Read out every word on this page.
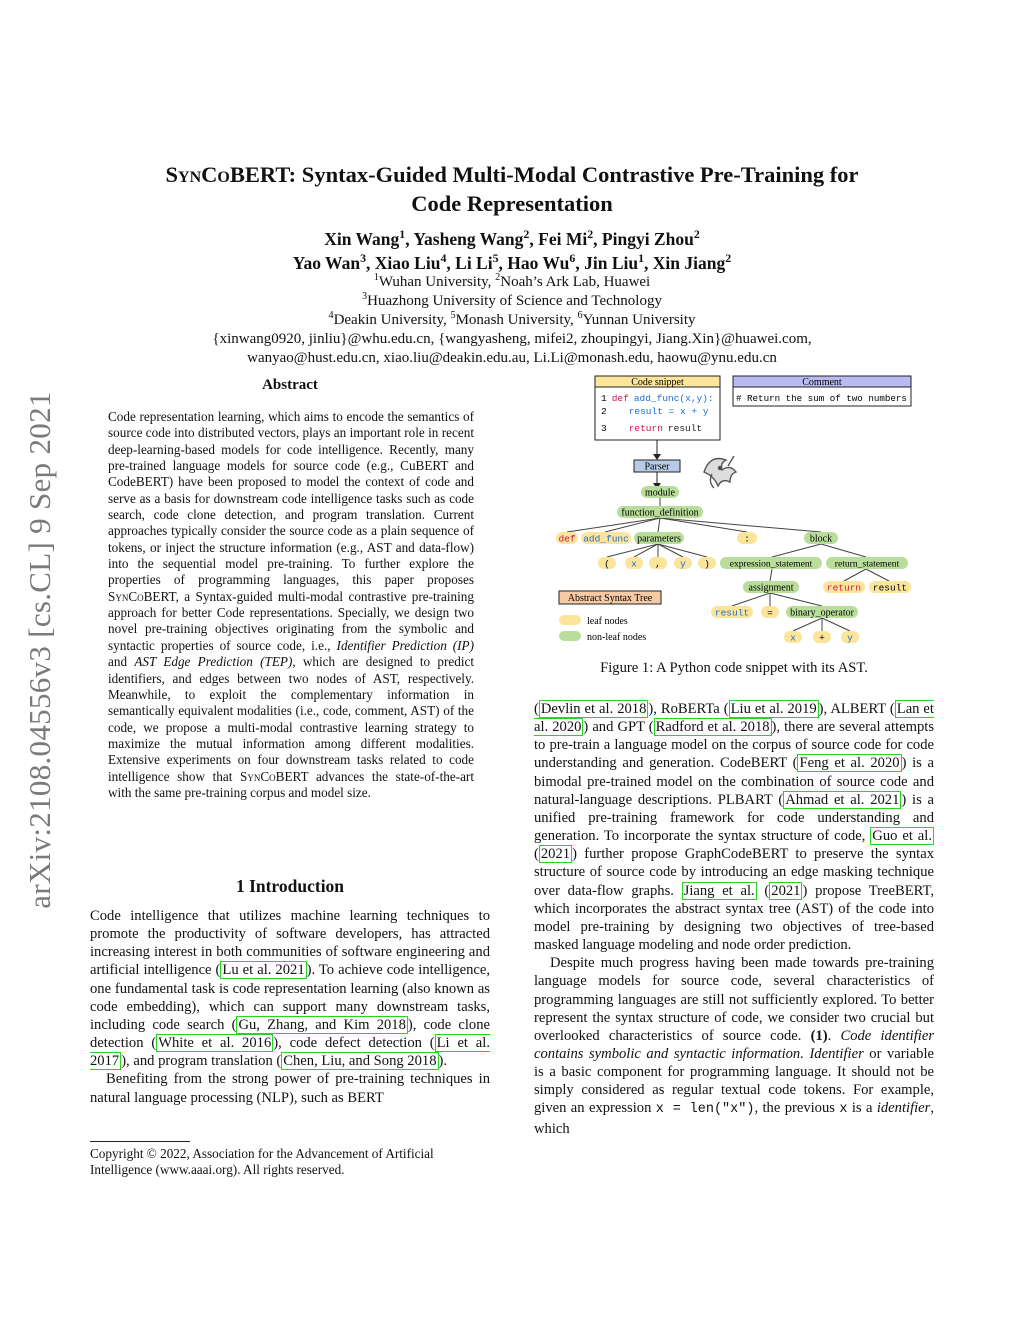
arXiv:2108.04556v3 [cs.CL] 9 Sep 2021
SynCoBERT: Syntax-Guided Multi-Modal Contrastive Pre-Training for
Code Representation
Xin Wang$^1$, Yasheng Wang$^2$, Fei Mi$^2$, Pingyi Zhou$^2$
Yao Wan$^3$, Xiao Liu$^4$, Li Li$^5$, Hao Wu$^6$, Jin Liu$^1$, Xin Jiang$^2$
$^1$Wuhan University, $^2$Noah’s Ark Lab, Huawei
$^3$Huazhong University of Science and Technology
$^4$Deakin University, $^5$Monash University, $^6$Yunnan University
{xinwang0920, jinliu}@whu.edu.cn, {wangyasheng, mifei2, zhoupingyi, Jiang.Xin}@huawei.com,
wanyao@hust.edu.cn, xiao.liu@deakin.edu.au, Li.Li@monash.edu, haowu@ynu.edu.cn
Abstract

Code representation learning, which aims to encode the semantics of source code into distributed vectors, plays an important role in recent deep-learning-based models for code intelligence. Recently, many pre-trained language models for source code (e.g., CuBERT and CodeBERT) have been proposed to model the context of code and serve as a basis for downstream code intelligence tasks such as code search, code clone detection, and program translation. Current approaches typically consider the source code as a plain sequence of tokens, or inject the structure information (e.g., AST and data-flow) into the sequential model pre-training. To further explore the properties of programming languages, this paper proposes SynCoBERT, a Syntax-guided multi-modal contrastive pre-training approach for better Code representations. Specially, we design two novel pre-training objectives originating from the symbolic and syntactic properties of source code, i.e., Identifier Prediction (IP) and AST Edge Prediction (TEP), which are designed to predict identifiers, and edges between two nodes of AST, respectively. Meanwhile, to exploit the complementary information in semantically equivalent modalities (i.e., code, comment, AST) of the code, we propose a multi-modal contrastive learning strategy to maximize the mutual information among different modalities. Extensive experiments on four downstream tasks related to code intelligence show that SynCoBERT advances the state-of-the-art with the same pre-training corpus and model size.

1 Introduction

Code intelligence that utilizes machine learning techniques to promote the productivity of software developers, has attracted increasing interest in both communities of software engineering and artificial intelligence ( Lu et al. 2021 ). To achieve code intelligence, one fundamental task is code representation learning (also known as code embedding), which can support many downstream tasks, including code search ( Gu, Zhang, and Kim 2018 ), code clone detection ( White et al. 2016 ), code defect detection ( Li et al. 2017 ), and program translation ( Chen, Liu, and Song 2018 ).

Benefiting from the strong power of pre-training techniques in natural language processing (NLP), such as BERT

Copyright © 2022, Association for the Advancement of Artificial Intelligence (www.aaai.org). All rights reserved.
Code snippet
1 def add_func(x,y):
2 result = x + y
3 return result
Comment
# Return the sum of two numbers
Parser
module
function_definition
parameters	block
expression_statement return_statement
assignment
binary_operator
def add_func	:
( x , y )
return result
result =
x + y
Abstract Syntax Tree
leaf nodes
non-leaf nodes
Figure 1: A Python code snippet with its AST.

( Devlin et al. 2018 ), RoBERTa ( Liu et al. 2019 ), ALBERT ( Lan et al. 2020 ) and GPT ( Radford et al. 2018 ), there are several attempts to pre-train a language model on the corpus of source code for code understanding and generation. CodeBERT ( Feng et al. 2020 ) is a bimodal pre-trained model on the combination of source code and natural-language descriptions. PLBART ( Ahmad et al. 2021 ) is a unified pre-training framework for code understanding and generation. To incorporate the syntax structure of code, Guo et al. ( 2021 ) further propose GraphCodeBERT to preserve the syntax structure of source code by introducing an edge masking technique over data-flow graphs. Jiang et al. ( 2021 ) propose TreeBERT, which incorporates the abstract syntax tree (AST) of the code into model pre-training by designing two objectives of tree-based masked language modeling and node order prediction.

Despite much progress having been made towards pre-training language models for source code, several characteristics of programming languages are still not sufficiently explored. To better represent the syntax structure of code, we consider two crucial but overlooked characteristics of source code. (1). Code identifier contains symbolic and syntactic information. Identifier or variable is a basic component for programming language. It should not be simply considered as regular textual code tokens. For example, given an expression x = len("x"), the previous x is a identifier, which
